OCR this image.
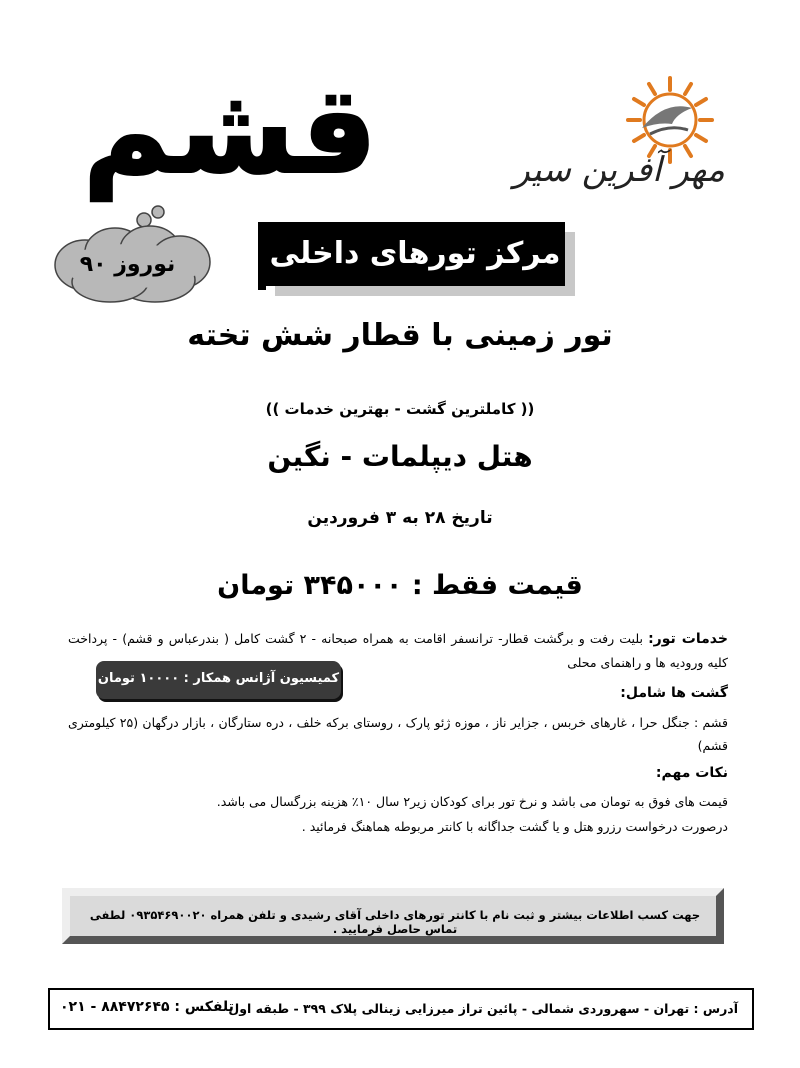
مهر آفرین سیر
قشم
نوروز ۹۰	مرکز تورهای داخلی
تور زمینی با قطار شش تخته
(( کاملترین گشت - بهترین خدمات ))
هتل دیپلمات - نگین
تاریخ ۲۸ به ۳ فروردین
قیمت فقط : ۳۴۵۰۰۰ تومان
خدمات تور: بلیت رفت و برگشت قطار- ترانسفر اقامت به همراه صبحانه - ۲ گشت کامل ( بندرعباس و قشم) - پرداخت کلیه ورودیه ها و راهنمای محلی
کمیسیون آژانس همکار : ۱۰۰۰۰ تومان
گشت ها شامل:
قشم : جنگل حرا ، غارهای خربس ، جزایر ناز ، موزه ژئو پارک ، روستای برکه خلف ، دره ستارگان ، بازار درگهان (۲۵ کیلومتری قشم)
نکات مهم:
قیمت های فوق به تومان می باشد و نرخ تور برای کودکان زیر۲ سال ۱۰٪ هزینه بزرگسال می باشد.
درصورت درخواست رزرو هتل و یا گشت جداگانه با کانتر مربوطه هماهنگ فرمائید .
جهت کسب اطلاعات بیشتر و ثبت نام با کانتر تورهای داخلی آقای رشیدی و تلفن همراه ۰۹۳۵۴۶۹۰۰۲۰ لطفی تماس حاصل فرمایید .
آدرس : تهران - سهروردی شمالی - پائین تراز میرزایی زینالی پلاک ۳۹۹ - طبقه اول
تلفکس : ۸۸۴۷۲۶۴۵ - ۰۲۱
